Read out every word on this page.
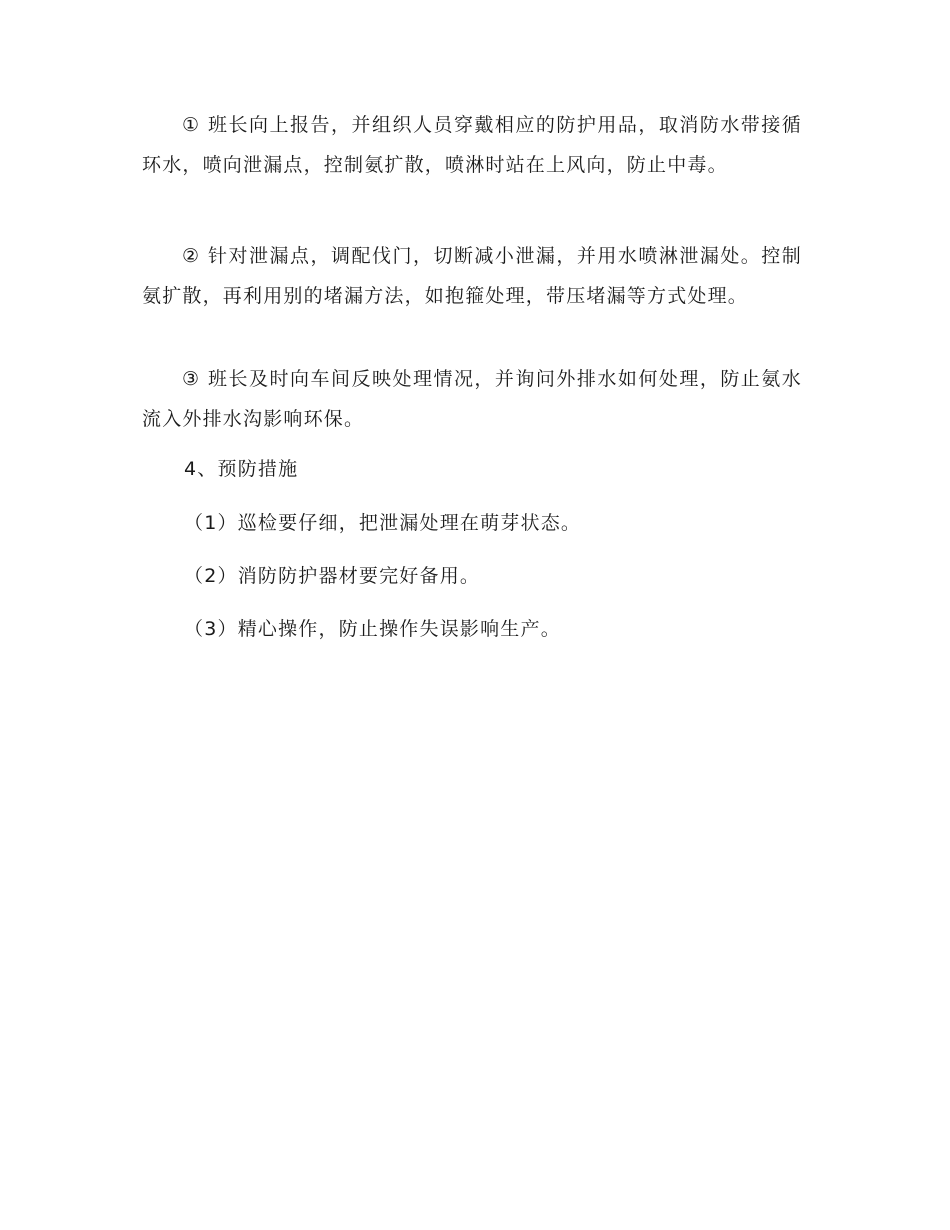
① 班长向上报告，并组织人员穿戴相应的防护用品，取消防水带接循环水，喷向泄漏点，控制氨扩散，喷淋时站在上风向，防止中毒。

② 针对泄漏点，调配伐门，切断减小泄漏，并用水喷淋泄漏处。控制氨扩散，再利用别的堵漏方法，如抱箍处理，带压堵漏等方式处理。

③ 班长及时向车间反映处理情况，并询问外排水如何处理，防止氨水流入外排水沟影响环保。

4、预防措施

（1）巡检要仔细，把泄漏处理在萌芽状态。

（2）消防防护器材要完好备用。

（3）精心操作，防止操作失误影响生产。
